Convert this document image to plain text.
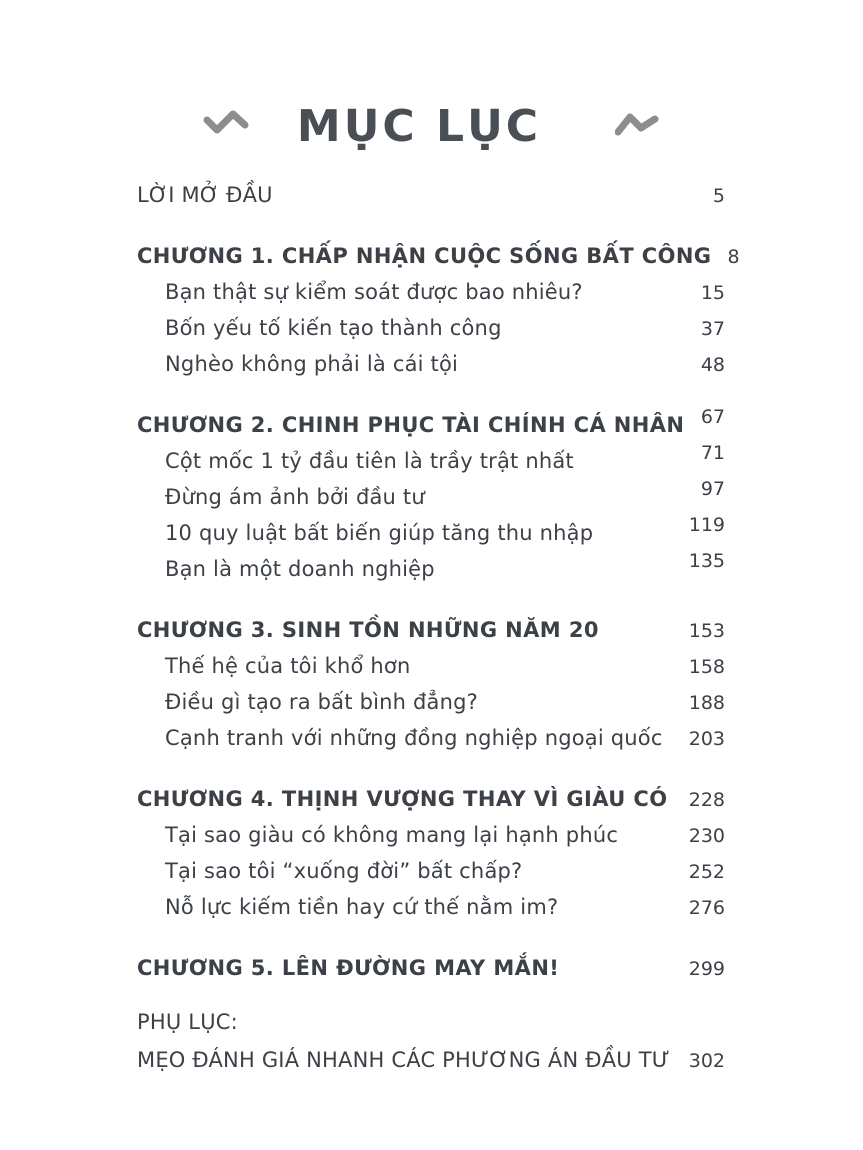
MỤC LỤC
LỜI MỞ ĐẦU	5
CHƯƠNG 1. CHẤP NHẬN CUỘC SỐNG BẤT CÔNG 8
Bạn thật sự kiểm soát được bao nhiêu?	15
Bốn yếu tố kiến tạo thành công	37
Nghèo không phải là cái tội	48
CHƯƠNG 2. CHINH PHỤC TÀI CHÍNH CÁ NHÂN 67
Cột mốc 1 tỷ đầu tiên là trầy trật nhất	71
Đừng ám ảnh bởi đầu tư	97
10 quy luật bất biến giúp tăng thu nhập	119
Bạn là một doanh nghiệp	135
CHƯƠNG 3. SINH TỒN NHỮNG NĂM 20	153
Thế hệ của tôi khổ hơn	158
Điều gì tạo ra bất bình đẳng?	188
Cạnh tranh với những đồng nghiệp ngoại quốc	203
CHƯƠNG 4. THỊNH VƯỢNG THAY VÌ GIÀU CÓ	228
Tại sao giàu có không mang lại hạnh phúc	230
Tại sao tôi “xuống đời” bất chấp?	252
Nỗ lực kiếm tiền hay cứ thế nằm im?	276
CHƯƠNG 5. LÊN ĐƯỜNG MAY MẮN!	299
PHỤ LỤC:
MẸO ĐÁNH GIÁ NHANH CÁC PHƯƠNG ÁN ĐẦU TƯ 302
